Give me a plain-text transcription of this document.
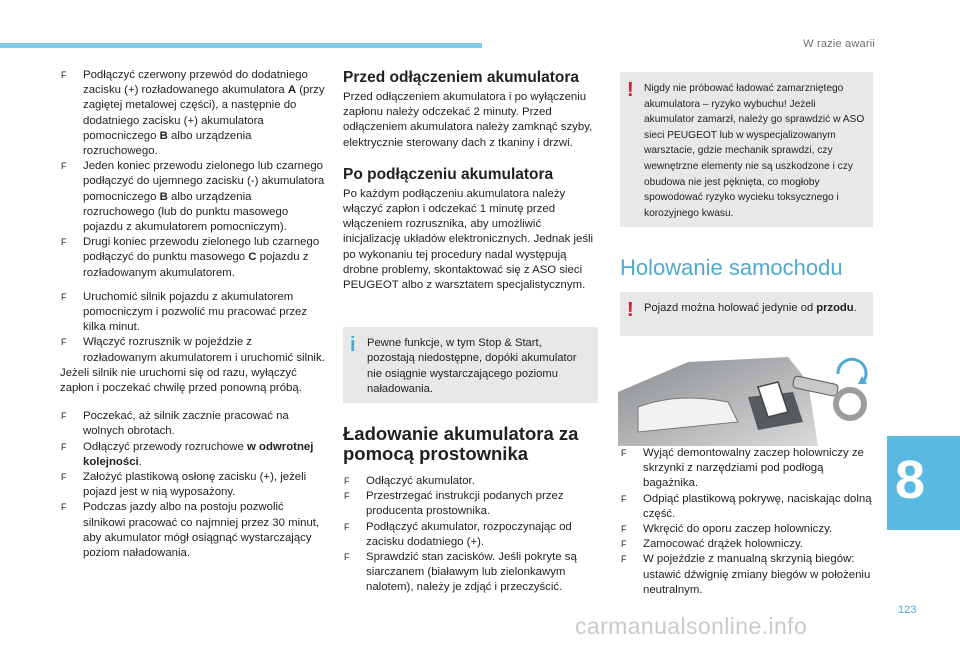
W razie awarii

F Podłączyć czerwony przewód do dodatniego zacisku (+) rozładowanego akumulatora A (przy zagiętej metalowej części), a następnie do dodatniego zacisku (+) akumulatora pomocniczego B albo urządzenia rozruchowego.

F Jeden koniec przewodu zielonego lub czarnego podłączyć do ujemnego zacisku (-) akumulatora pomocniczego B albo urządzenia rozruchowego (lub do punktu masowego pojazdu z akumulatorem pomocniczym).

F Drugi koniec przewodu zielonego lub czarnego podłączyć do punktu masowego C pojazdu z rozładowanym akumulatorem.

F Uruchomić silnik pojazdu z akumulatorem pomocniczym i pozwolić mu pracować przez kilka minut.

F Włączyć rozrusznik w pojeździe z rozładowanym akumulatorem i uruchomić silnik.

Jeżeli silnik nie uruchomi się od razu, wyłączyć zapłon i poczekać chwilę przed ponowną próbą.

F Poczekać, aż silnik zacznie pracować na wolnych obrotach.

F Odłączyć przewody rozruchowe w odwrotnej kolejności.

F Założyć plastikową osłonę zacisku (+), jeżeli pojazd jest w nią wyposażony.

F Podczas jazdy albo na postoju pozwolić silnikowi pracować co najmniej przez 30 minut, aby akumulator mógł osiągnąć wystarczający poziom naładowania.

Przed odłączeniem akumulatora

Przed odłączeniem akumulatora i po wyłączeniu zapłonu należy odczekać 2 minuty. Przed odłączeniem akumulatora należy zamknąć szyby, elektrycznie sterowany dach z tkaniny i drzwi.

Po podłączeniu akumulatora

Po każdym podłączeniu akumulatora należy włączyć zapłon i odczekać 1 minutę przed włączeniem rozrusznika, aby umożliwić inicjalizację układów elektronicznych. Jednak jeśli po wykonaniu tej procedury nadal występują drobne problemy, skontaktować się z ASO sieci PEUGEOT albo z warsztatem specjalistycznym.

i Pewne funkcje, w tym Stop & Start, pozostają niedostępne, dopóki akumulator nie osiągnie wystarczającego poziomu naładowania.
Ładowanie akumulatora za
pomocą prostownika

F Odłączyć akumulator.

F Przestrzegać instrukcji podanych przez producenta prostownika.

F Podłączyć akumulator, rozpoczynając od zacisku dodatniego (+).

F Sprawdzić stan zacisków. Jeśli pokryte są siarczanem (białawym lub zielonkawym nalotem), należy je zdjąć i przeczyścić.

! Nigdy nie próbować ładować zamarzniętego akumulatora – ryzyko wybuchu! Jeżeli akumulator zamarzł, należy go sprawdzić w ASO sieci PEUGEOT lub w wyspecjalizowanym warsztacie, gdzie mechanik sprawdzi, czy wewnętrzne elementy nie są uszkodzone i czy obudowa nie jest pęknięta, co mogłoby spowodować ryzyko wycieku toksycznego i korozyjnego kwasu.

Holowanie samochodu

! Pojazd można holować jedynie od przodu.

F Wyjąć demontowalny zaczep holowniczy ze skrzynki z narzędziami pod podłogą bagażnika.

F Odpiąć plastikową pokrywę, naciskając dolną część.

F Wkręcić do oporu zaczep holowniczy.

F Zamocować drążek holowniczy.

F W pojeździe z manualną skrzynią biegów: ustawić dźwignię zmiany biegów w położeniu neutralnym.

8
123
carmanualsonline.info
